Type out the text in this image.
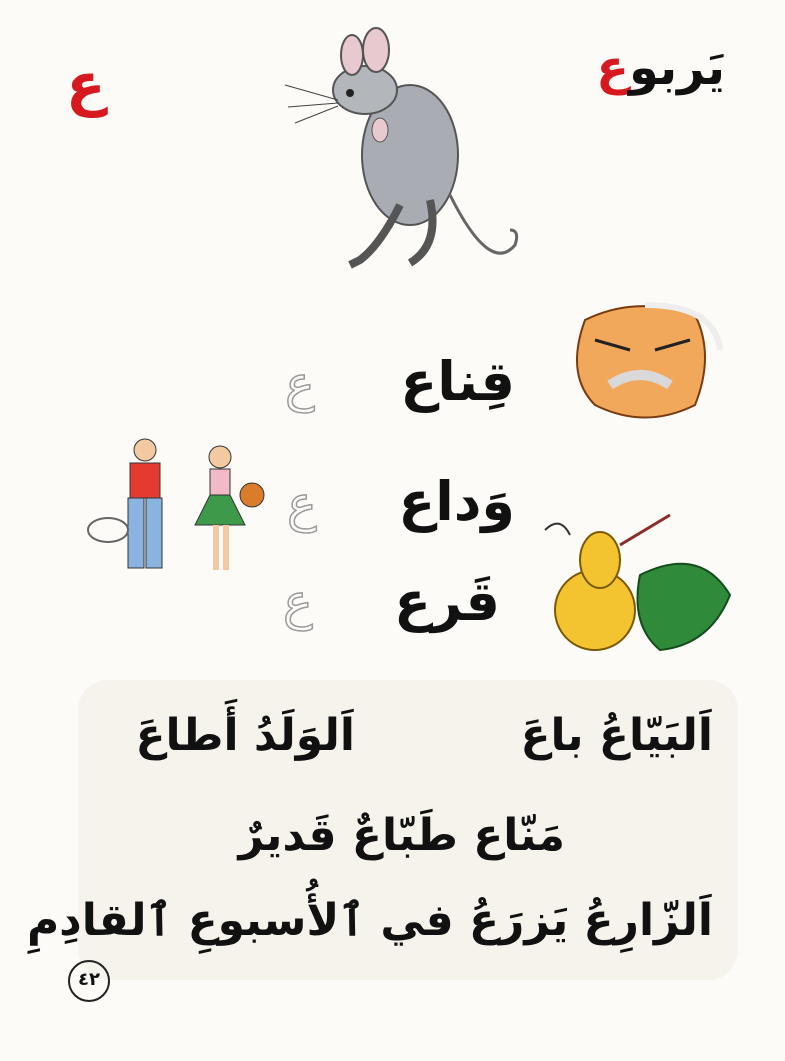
يَربوع
ع
ع
ع
ع
قِناع
وَداع
قَرع
اَلوَلَدُ أَطاعَ	اَلبَيّاعُ باعَ
مَنّاع طَبّاعٌ قَديرٌ
اَلزّارِعُ يَزرَعُ في ٱلأُسبوعِ ٱلقادِمِ
٤٢
